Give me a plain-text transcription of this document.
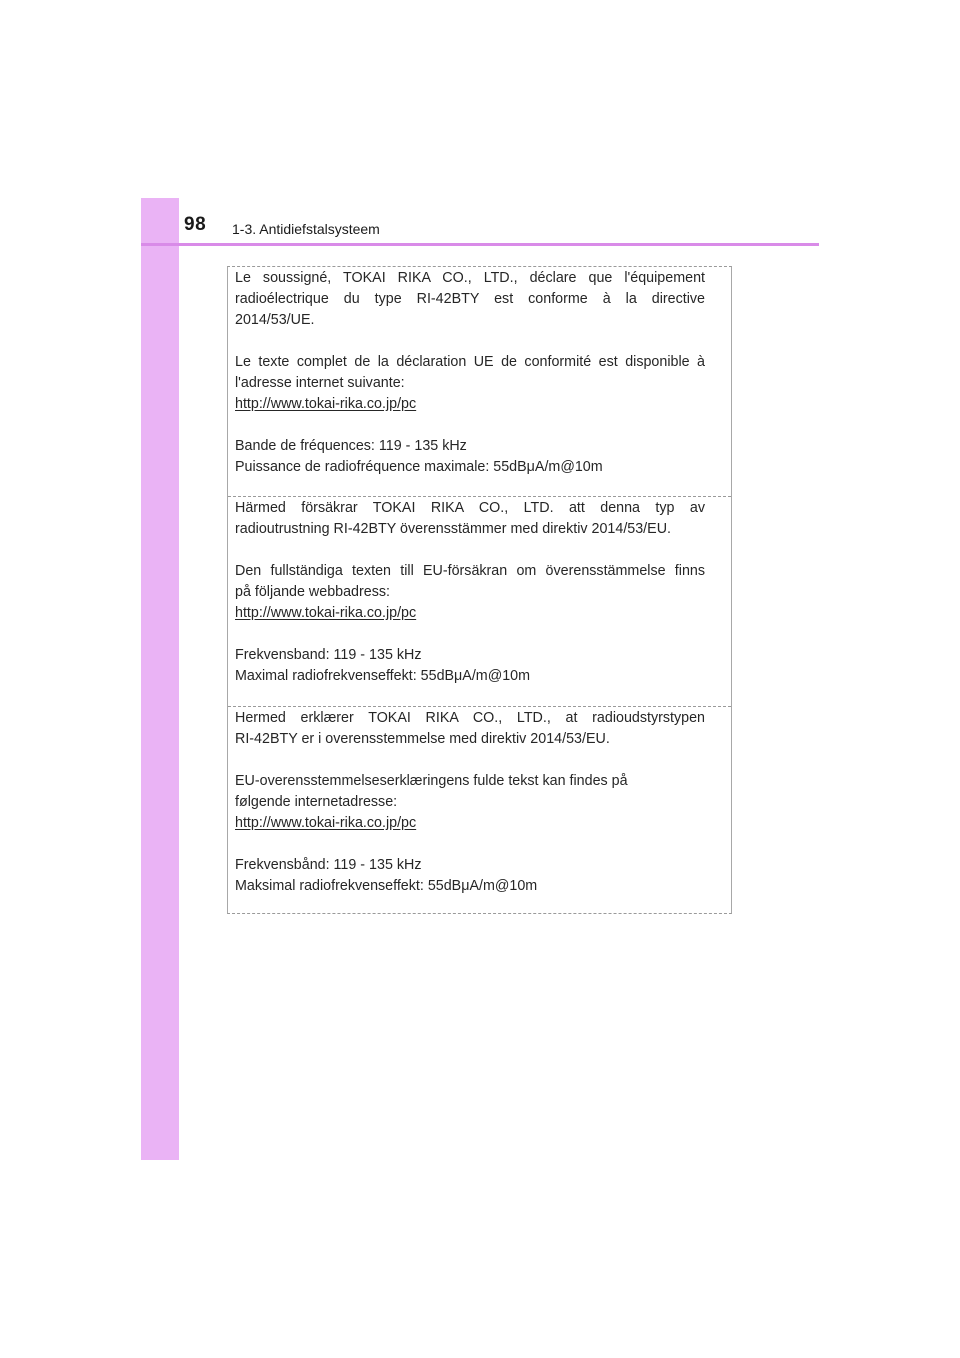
98 1-3. Antidiefstalsysteem

Le soussigné, TOKAI RIKA CO., LTD., déclare que l'équipement
radioélectrique du type RI-42BTY est conforme à la directive
2014/53/UE.

Le texte complet de la déclaration UE de conformité est disponible à
l'adresse internet suivante:
http://www.tokai-rika.co.jp/pc

Bande de fréquences: 119 - 135 kHz

Puissance de radiofréquence maximale: 55dBμA/m@10m

Härmed försäkrar TOKAI RIKA CO., LTD. att denna typ av
radioutrustning RI-42BTY överensstämmer med direktiv 2014/53/EU.

Den fullständiga texten till EU-försäkran om överensstämmelse finns
på följande webbadress:
http://www.tokai-rika.co.jp/pc

Frekvensband: 119 - 135 kHz

Maximal radiofrekvenseffekt: 55dBμA/m@10m

Hermed erklærer TOKAI RIKA CO., LTD., at radioudstyrstypen
RI-42BTY er i overensstemmelse med direktiv 2014/53/EU.

EU-overensstemmelseserklæringens fulde tekst kan findes på
følgende internetadresse:
http://www.tokai-rika.co.jp/pc

Frekvensbånd: 119 - 135 kHz

Maksimal radiofrekvenseffekt: 55dBμA/m@10m
